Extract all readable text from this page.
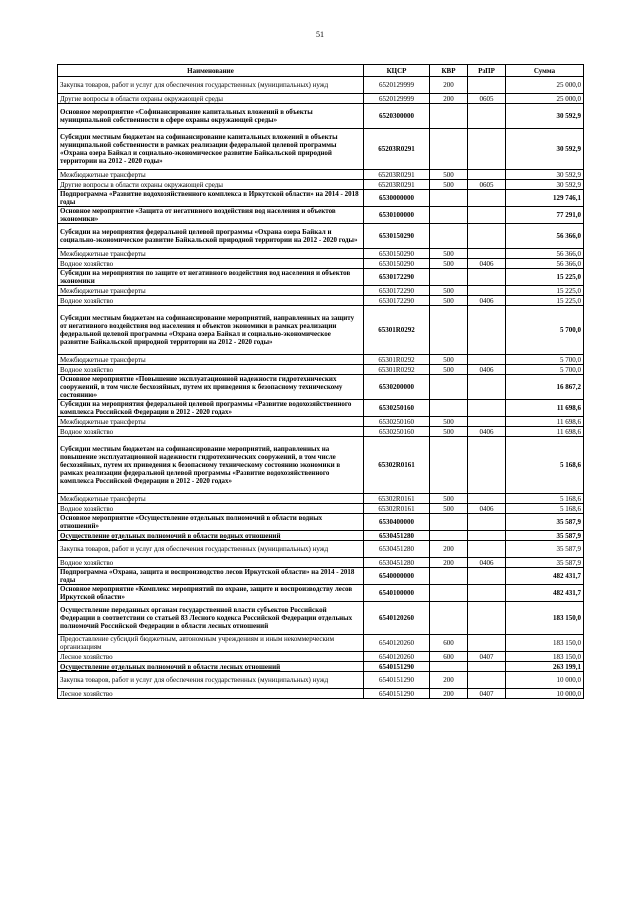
51
Наименование	КЦСР	КВР	РзПР	Сумма
Закупка товаров, работ и услуг для обеспечения государственных (муниципальных) нужд	6520129999	200		25 000,0
Другие вопросы в области охраны окружающей среды	6520129999	200	0605	25 000,0
Основное мероприятие «Софинансирование капитальных вложений в объекты муниципальной собственности в сфере охраны окружающей среды»	6520300000			30 592,9
Субсидии местным бюджетам на софинансирование капитальных вложений в объекты муниципальной собственности в рамках реализации федеральной целевой программы «Охрана озера Байкал и социально-экономическое развитие Байкальской природной территории на 2012 - 2020 годы»	65203R0291			30 592,9
Межбюджетные трансферты	65203R0291	500		30 592,9
Другие вопросы в области охраны окружающей среды	65203R0291	500	0605	30 592,9
Подпрограмма «Развитие водохозяйственного комплекса в Иркутской области» на 2014 - 2018 годы	6530000000			129 746,1
Основное мероприятие «Защита от негативного воздействия вод населения и объектов экономики»	6530100000			77 291,0
Субсидии на мероприятия федеральной целевой программы «Охрана озера Байкал и социально-экономическое развитие Байкальской природной территории на 2012 - 2020 годы»	6530150290			56 366,0
Межбюджетные трансферты	6530150290	500		56 366,0
Водное хозяйство	6530150290	500	0406	56 366,0
Субсидии на мероприятия по защите от негативного воздействия вод населения и объектов экономики	6530172290			15 225,0
Межбюджетные трансферты	6530172290	500		15 225,0
Водное хозяйство	6530172290	500	0406	15 225,0
Субсидии местным бюджетам на софинансирование мероприятий, направленных на защиту от негативного воздействия вод населения и объектов экономики в рамках реализации федеральной целевой программы «Охрана озера Байкал и социально-экономическое развитие Байкальской природной территории на 2012 - 2020 годы»	65301R0292			5 700,0
Межбюджетные трансферты	65301R0292	500		5 700,0
Водное хозяйство	65301R0292	500	0406	5 700,0
Основное мероприятие «Повышение эксплуатационной надежности гидротехнических сооружений, в том числе бесхозяйных, путем их приведения к безопасному техническому состоянию»	6530200000			16 867,2
Субсидии на мероприятия федеральной целевой программы «Развитие водохозяйственного комплекса Российской Федерации в 2012 - 2020 годах»	6530250160			11 698,6
Межбюджетные трансферты	6530250160	500		11 698,6
Водное хозяйство	6530250160	500	0406	11 698,6
Субсидии местным бюджетам на софинансирование мероприятий, направленных на повышение эксплуатационной надежности гидротехнических сооружений, в том числе бесхозяйных, путем их приведения к безопасному техническому состоянию экономики в рамках реализации федеральной целевой программы «Развитие водохозяйственного комплекса Российской Федерации в 2012 - 2020 годах»	65302R0161			5 168,6
Межбюджетные трансферты	65302R0161	500		5 168,6
Водное хозяйство	65302R0161	500	0406	5 168,6
Основное мероприятие «Осуществление отдельных полномочий в области водных отношений»	6530400000			35 587,9
Осуществление отдельных полномочий в области водных отношений	6530451280			35 587,9
Закупка товаров, работ и услуг для обеспечения государственных (муниципальных) нужд	6530451280	200		35 587,9
Водное хозяйство	6530451280	200	0406	35 587,9
Подпрограмма «Охрана, защита и воспроизводство лесов Иркутской области» на 2014 - 2018 годы	6540000000			482 431,7
Основное мероприятие «Комплекс мероприятий по охране, защите и воспроизводству лесов Иркутской области»	6540100000			482 431,7
Осуществление переданных органам государственной власти субъектов Российской Федерации в соответствии со статьей 83 Лесного кодекса Российской Федерации отдельных полномочий Российской Федерации в области лесных отношений	6540120260			183 150,0
Предоставление субсидий бюджетным, автономным учреждениям и иным некоммерческим организациям	6540120260	600		183 150,0
Лесное хозяйство	6540120260	600	0407	183 150,0
Осуществление отдельных полномочий в области лесных отношений	6540151290			263 199,1
Закупка товаров, работ и услуг для обеспечения государственных (муниципальных) нужд	6540151290	200		10 000,0
Лесное хозяйство	6540151290	200	0407	10 000,0
